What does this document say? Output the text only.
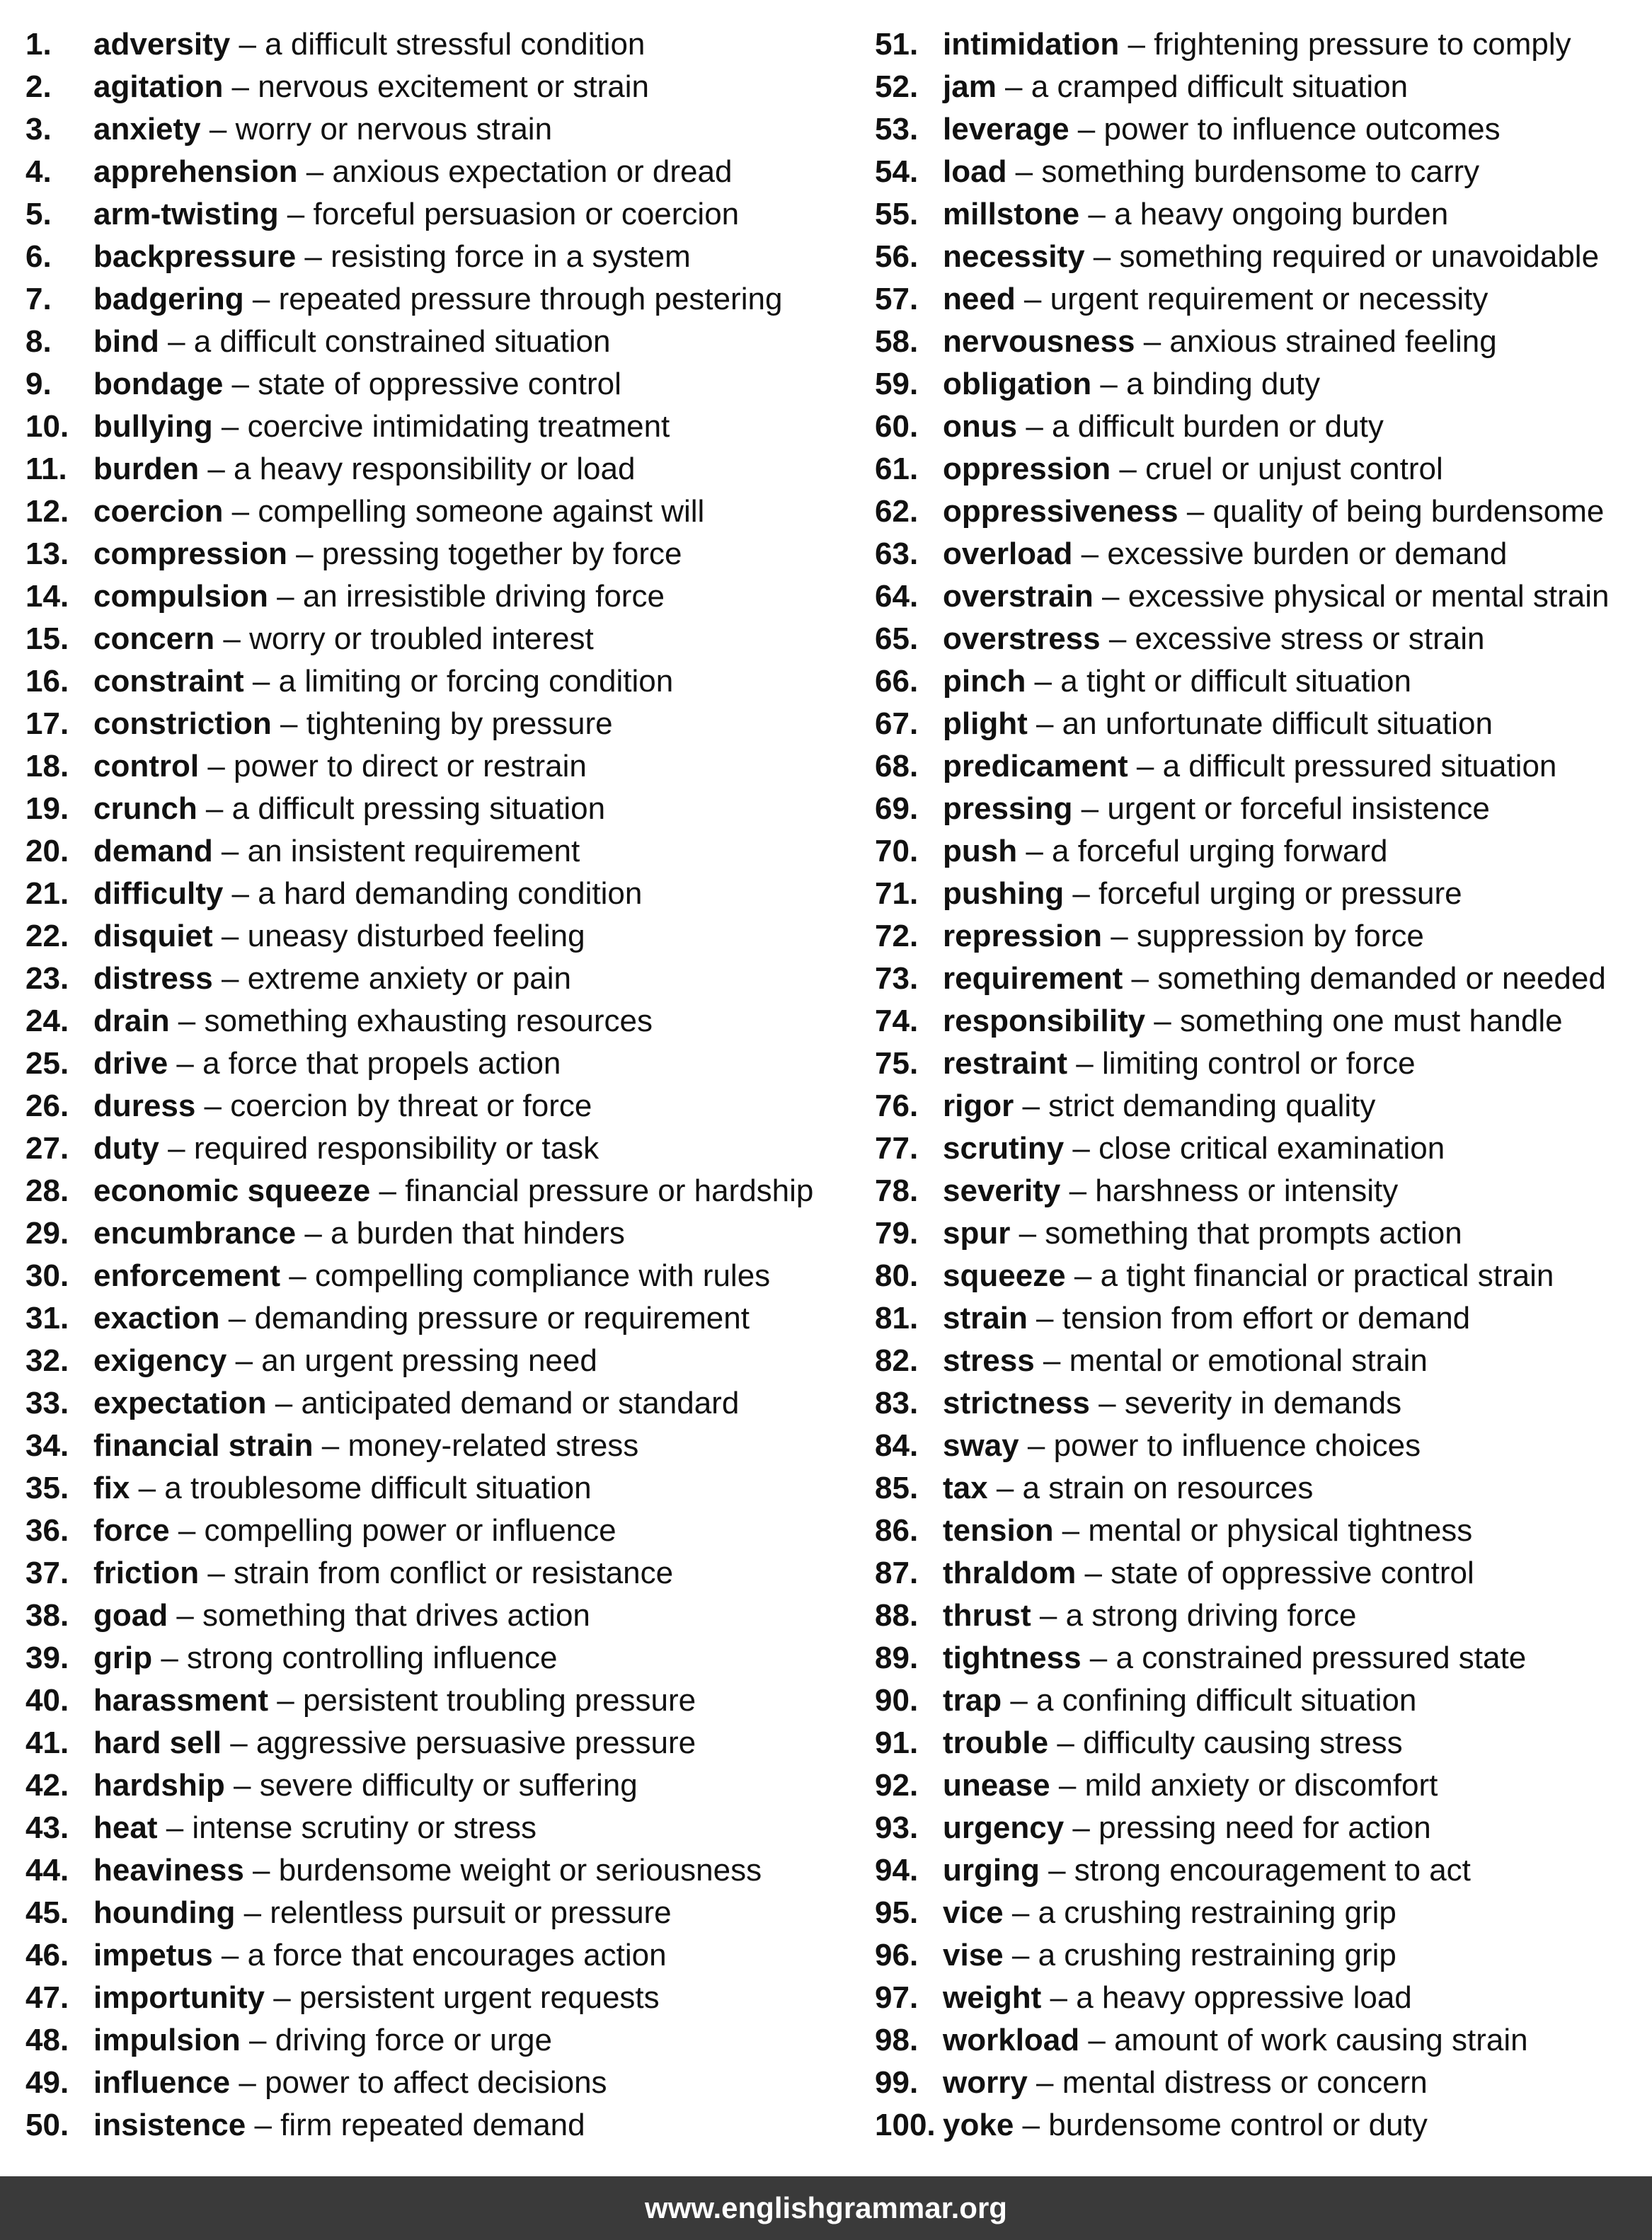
1. adversity – a difficult stressful condition
2. agitation – nervous excitement or strain
3. anxiety – worry or nervous strain
4. apprehension – anxious expectation or dread
5. arm-twisting – forceful persuasion or coercion
6. backpressure – resisting force in a system
7. badgering – repeated pressure through pestering
8. bind – a difficult constrained situation
9. bondage – state of oppressive control
10. bullying – coercive intimidating treatment
11. burden – a heavy responsibility or load
12. coercion – compelling someone against will
13. compression – pressing together by force
14. compulsion – an irresistible driving force
15. concern – worry or troubled interest
16. constraint – a limiting or forcing condition
17. constriction – tightening by pressure
18. control – power to direct or restrain
19. crunch – a difficult pressing situation
20. demand – an insistent requirement
21. difficulty – a hard demanding condition
22. disquiet – uneasy disturbed feeling
23. distress – extreme anxiety or pain
24. drain – something exhausting resources
25. drive – a force that propels action
26. duress – coercion by threat or force
27. duty – required responsibility or task
28. economic squeeze – financial pressure or hardship
29. encumbrance – a burden that hinders
30. enforcement – compelling compliance with rules
31. exaction – demanding pressure or requirement
32. exigency – an urgent pressing need
33. expectation – anticipated demand or standard
34. financial strain – money-related stress
35. fix – a troublesome difficult situation
36. force – compelling power or influence
37. friction – strain from conflict or resistance
38. goad – something that drives action
39. grip – strong controlling influence
40. harassment – persistent troubling pressure
41. hard sell – aggressive persuasive pressure
42. hardship – severe difficulty or suffering
43. heat – intense scrutiny or stress
44. heaviness – burdensome weight or seriousness
45. hounding – relentless pursuit or pressure
46. impetus – a force that encourages action
47. importunity – persistent urgent requests
48. impulsion – driving force or urge
49. influence – power to affect decisions
50. insistence – firm repeated demand
51. intimidation – frightening pressure to comply
52. jam – a cramped difficult situation
53. leverage – power to influence outcomes
54. load – something burdensome to carry
55. millstone – a heavy ongoing burden
56. necessity – something required or unavoidable
57. need – urgent requirement or necessity
58. nervousness – anxious strained feeling
59. obligation – a binding duty
60. onus – a difficult burden or duty
61. oppression – cruel or unjust control
62. oppressiveness – quality of being burdensome
63. overload – excessive burden or demand
64. overstrain – excessive physical or mental strain
65. overstress – excessive stress or strain
66. pinch – a tight or difficult situation
67. plight – an unfortunate difficult situation
68. predicament – a difficult pressured situation
69. pressing – urgent or forceful insistence
70. push – a forceful urging forward
71. pushing – forceful urging or pressure
72. repression – suppression by force
73. requirement – something demanded or needed
74. responsibility – something one must handle
75. restraint – limiting control or force
76. rigor – strict demanding quality
77. scrutiny – close critical examination
78. severity – harshness or intensity
79. spur – something that prompts action
80. squeeze – a tight financial or practical strain
81. strain – tension from effort or demand
82. stress – mental or emotional strain
83. strictness – severity in demands
84. sway – power to influence choices
85. tax – a strain on resources
86. tension – mental or physical tightness
87. thraldom – state of oppressive control
88. thrust – a strong driving force
89. tightness – a constrained pressured state
90. trap – a confining difficult situation
91. trouble – difficulty causing stress
92. unease – mild anxiety or discomfort
93. urgency – pressing need for action
94. urging – strong encouragement to act
95. vice – a crushing restraining grip
96. vise – a crushing restraining grip
97. weight – a heavy oppressive load
98. workload – amount of work causing strain
99. worry – mental distress or concern
100. yoke – burdensome control or duty
www.englishgrammar.org
